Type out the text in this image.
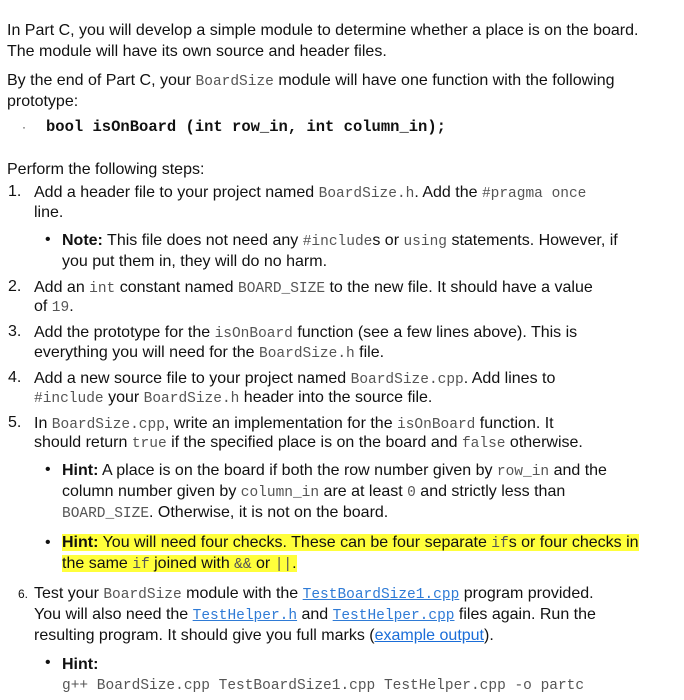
In Part C, you will develop a simple module to determine whether a place is on the board.
The module will have its own source and header files.
By the end of Part C, your BoardSize module will have one function with the following
prototype:
· bool isOnBoard (int row_in, int column_in);
Perform the following steps:
1. Add a header file to your project named BoardSize.h. Add the #pragma once
line.
• Note: This file does not need any #includes or using statements. However, if
you put them in, they will do no harm.
2. Add an int constant named BOARD_SIZE to the new file. It should have a value
of 19.
3. Add the prototype for the isOnBoard function (see a few lines above). This is
everything you will need for the BoardSize.h file.
4. Add a new source file to your project named BoardSize.cpp. Add lines to
#include your BoardSize.h header into the source file.
5. In BoardSize.cpp, write an implementation for the isOnBoard function. It
should return true if the specified place is on the board and false otherwise.
• Hint: A place is on the board if both the row number given by row_in and the
column number given by column_in are at least 0 and strictly less than
BOARD_SIZE. Otherwise, it is not on the board.
• Hint: You will need four checks. These can be four separate ifs or four checks in
the same if joined with && or ||.
6. Test your BoardSize module with the TestBoardSize1.cpp program provided.
You will also need the TestHelper.h and TestHelper.cpp files again. Run the
resulting program. It should give you full marks (example output).
• Hint:
g++ BoardSize.cpp TestBoardSize1.cpp TestHelper.cpp -o partc
